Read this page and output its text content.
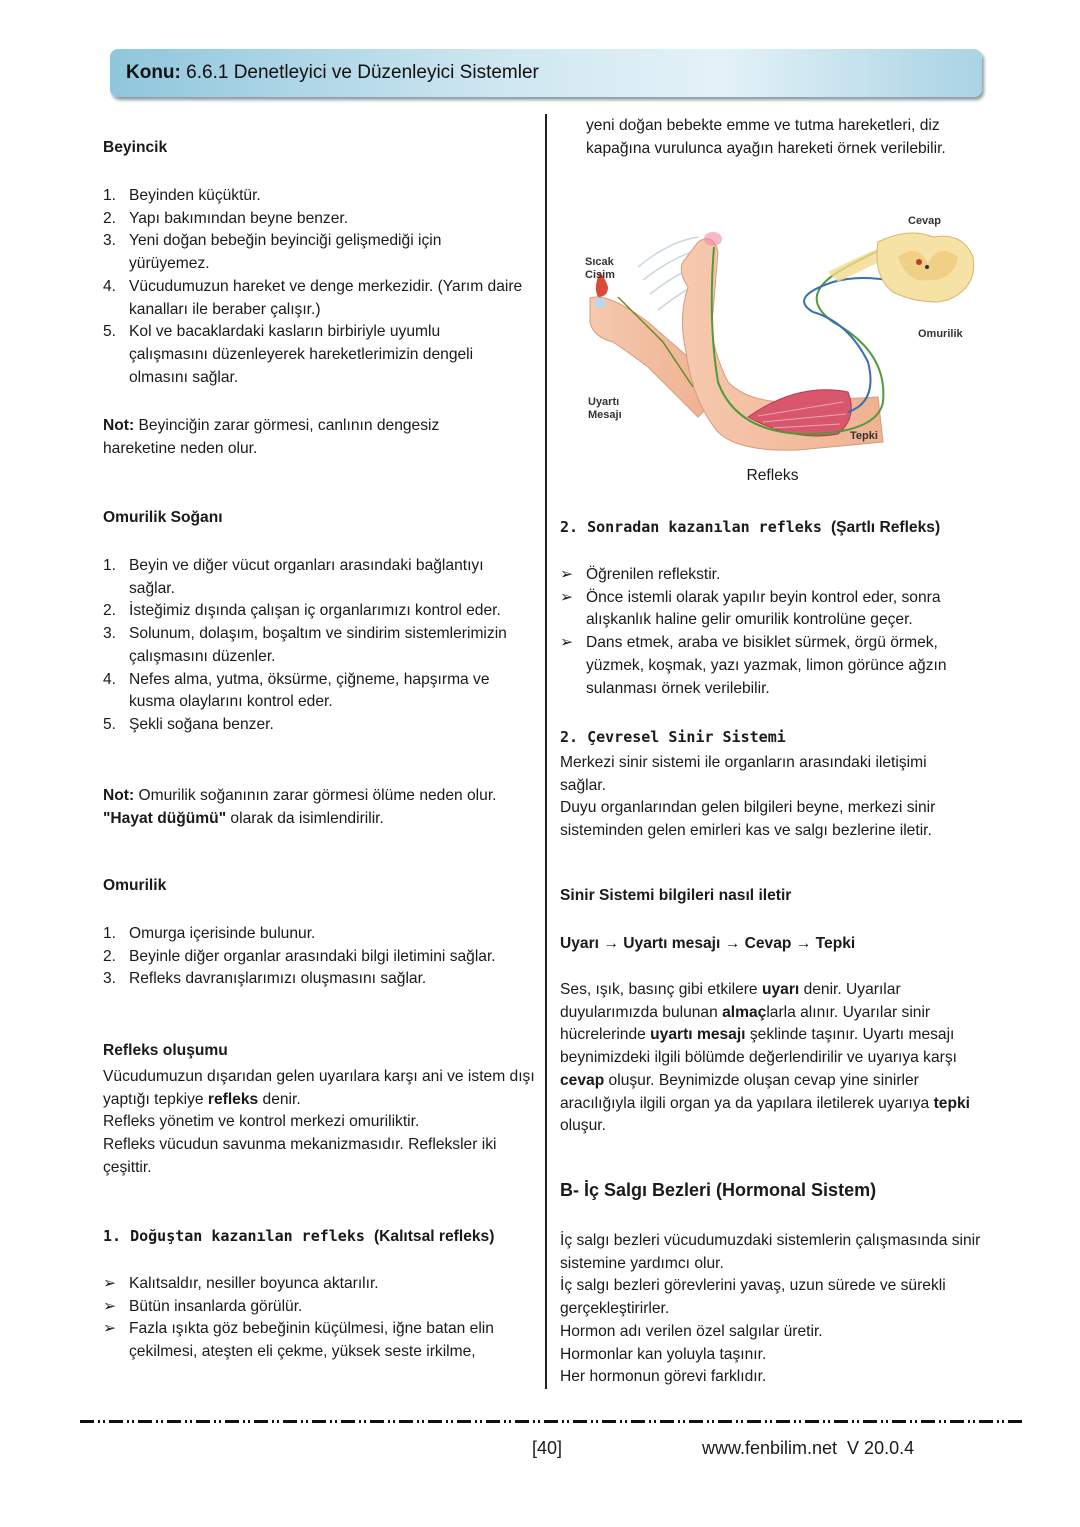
Konu: 6.6.1 Denetleyici ve Düzenleyici Sistemler
Beyincik
1. Beyinden küçüktür.
2. Yapı bakımından beyne benzer.
3. Yeni doğan bebeğin beyinciği gelişmediği için yürüyemez.
4. Vücudumuzun hareket ve denge merkezidir. (Yarım daire kanalları ile beraber çalışır.)
5. Kol ve bacaklardaki kasların birbiriyle uyumlu çalışmasını düzenleyerek hareketlerimizin dengeli olmasını sağlar.
Not: Beyinciğin zarar görmesi, canlının dengesiz hareketine neden olur.
Omurilik Soğanı
1. Beyin ve diğer vücut organları arasındaki bağlantıyı sağlar.
2. İsteğimiz dışında çalışan iç organlarımızı kontrol eder.
3. Solunum, dolaşım, boşaltım ve sindirim sistemlerimizin çalışmasını düzenler.
4. Nefes alma, yutma, öksürme, çiğneme, hapşırma ve kusma olaylarını kontrol eder.
5. Şekli soğana benzer.
Not: Omurilik soğanının zarar görmesi ölüme neden olur.
"Hayat düğümü" olarak da isimlendirilir.
Omurilik
1. Omurga içerisinde bulunur.
2. Beyinle diğer organlar arasındaki bilgi iletimini sağlar.
3. Refleks davranışlarımızı oluşmasını sağlar.
Refleks oluşumu
Vücudumuzun dışarıdan gelen uyarılara karşı ani ve istem dışı yaptığı tepkiye refleks denir.
Refleks yönetim ve kontrol merkezi omuriliktir.
Refleks vücudun savunma mekanizmasıdır. Refleksler iki çeşittir.
1. Doğuştan kazanılan refleks (Kalıtsal refleks)
➢ Kalıtsaldır, nesiller boyunca aktarılır.
➢ Bütün insanlarda görülür.
➢ Fazla ışıkta göz bebeğinin küçülmesi, iğne batan elin çekilmesi, ateşten eli çekme, yüksek seste irkilme,
yeni doğan bebekte emme ve tutma hareketleri, diz kapağına vurulunca ayağın hareketi örnek verilebilir.
Sıcak
Cisim
Uyartı
Mesajı
Cevap
Omurilik
Tepki
Refleks
2. Sonradan kazanılan refleks (Şartlı Refleks)
➢ Öğrenilen reflekstir.
➢ Önce istemli olarak yapılır beyin kontrol eder, sonra alışkanlık haline gelir omurilik kontrolüne geçer.
➢ Dans etmek, araba ve bisiklet sürmek, örgü örmek, yüzmek, koşmak, yazı yazmak, limon görünce ağzın sulanması örnek verilebilir.
2. Çevresel Sinir Sistemi
Merkezi sinir sistemi ile organların arasındaki iletişimi sağlar.
Duyu organlarından gelen bilgileri beyne, merkezi sinir sisteminden gelen emirleri kas ve salgı bezlerine iletir.
Sinir Sistemi bilgileri nasıl iletir
Uyarı → Uyartı mesajı → Cevap → Tepki
Ses, ışık, basınç gibi etkilere uyarı denir. Uyarılar duyularımızda bulunan almaçlarla alınır. Uyarılar sinir hücrelerinde uyartı mesajı şeklinde taşınır. Uyartı mesajı beynimizdeki ilgili bölümde değerlendirilir ve uyarıya karşı cevap oluşur. Beynimizde oluşan cevap yine sinirler aracılığıyla ilgili organ ya da yapılara iletilerek uyarıya tepki oluşur.
B- İç Salgı Bezleri (Hormonal Sistem)
İç salgı bezleri vücudumuzdaki sistemlerin çalışmasında sinir sistemine yardımcı olur.
İç salgı bezleri görevlerini yavaş, uzun sürede ve sürekli gerçekleştirirler.
Hormon adı verilen özel salgılar üretir.
Hormonlar kan yoluyla taşınır.
Her hormonun görevi farklıdır.
[40]	www.fenbilim.net  V 20.0.4
